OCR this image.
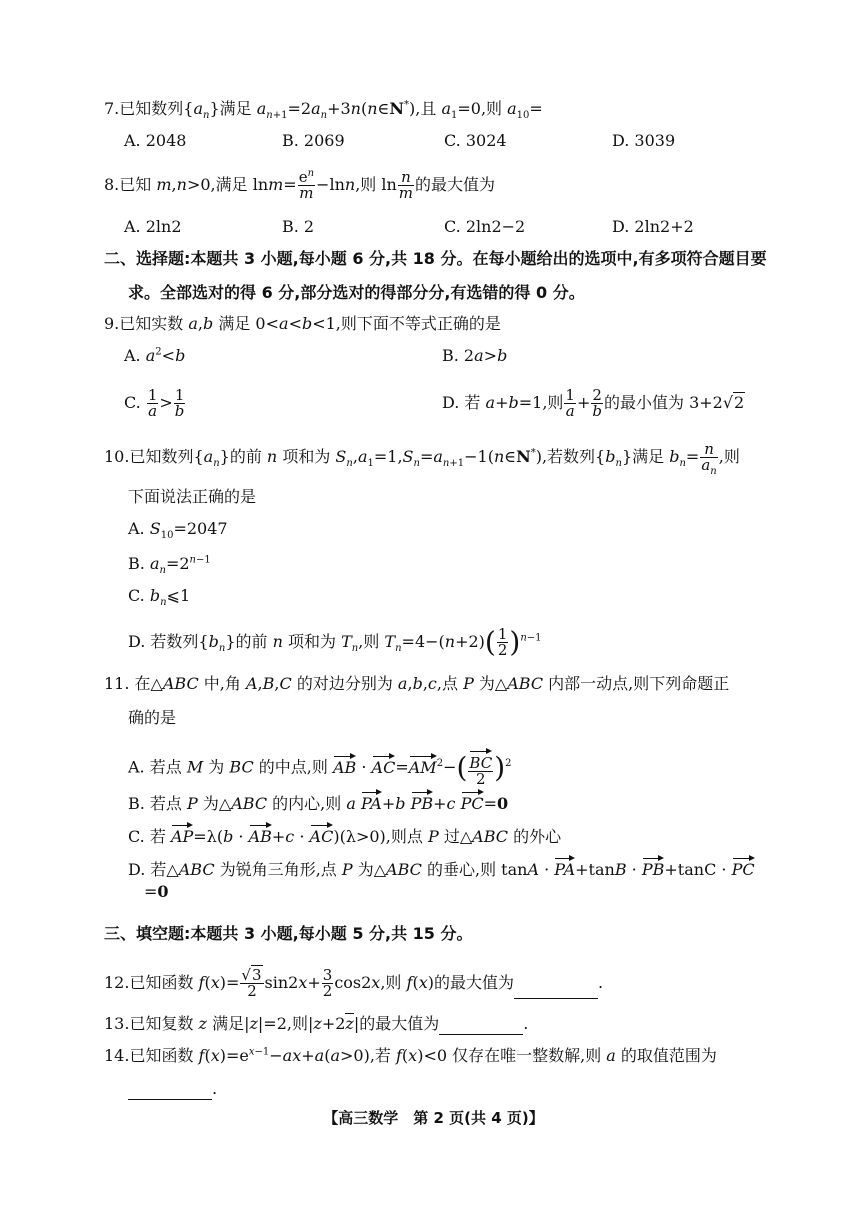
7.已知数列$\{a_n\}$满足 $a_{n+1}=2a_n+3n(n\in N^*)$,且 $a_1=0$,则 $a_{10}=$
A. 2048	B. 2069	C. 3024	D. 3039
8.已知 m,n>0,满足 $\ln m= \frac{e^n}{m} -\ln n$,则 $\ln \frac{n}{m}$ 的最大值为
A. 2ln2	B. 2	C. 2ln2−2	D. 2ln2+2
二、选择题:本题共 3 小题,每小题 6 分,共 18 分。在每小题给出的选项中,有多项符合题目要
求。全部选对的得 6 分,部分选对的得部分分,有选错的得 0 分。
9.已知实数 a,b 满足 0<a<b<1,则下面不等式正确的是
A. $a^2<b$	B. 2a>b
C. $\frac{1}{a} > \frac{1}{b}$	D. 若 a+b=1,则 $\frac{1}{a} + \frac{2}{b}$ 的最小值为 3+2√2
10.已知数列$\{a_n\}$的前 n 项和为 $S_n,a_1=1,S_n=a_{n+1}-1(n\in N^*)$,若数列$\{b_n\}$满足 $b_n= \frac{n}{a_n}$ ,则
下面说法正确的是
A. $S_{10}=2047$
B. $a_n=2^{n-1}$
C. $b_n⩽1$
D. 若数列$\{b_n\}$的前 n 项和为 $T_n$,则 $T_n=4-(n+2)( \frac{1}{2} )^{n-1}$
11. 在△ABC 中,角 A,B,C 的对边分别为 a,b,c,点 P 为△ABC 内部一动点,则下列命题正
确的是
A. 若点 M 为 BC 的中点,则 AB · $AC=AM^2-( \frac{BC}{2} )^2$
B. 若点 P 为△ABC 的内心,则 a PA+b PB+c PC=0
C. 若 AP=λ(b · AB+c · AC)(λ>0),则点 P 过△ABC 的外心
D. 若△ABC 为锐角三角形,点 P 为△ABC 的垂心,则 tanA · PA+tanB · PB+tanC · PC
=0
三、填空题:本题共 3 小题,每小题 5 分,共 15 分。
12.已知函数 $f(x)= \frac{√3}{2} \sin 2x+ \frac{3}{2} \cos 2x$,则 f(x)的最大值为	.
13.已知复数 z 满足|z|=2,则|z+2z|的最大值为	.
14.已知函数 $f(x)=e^{x-1}-ax+a(a>0)$,若 f(x)<0 仅存在唯一整数解,则 a 的取值范围为
.
【高三数学　第 2 页(共 4 页)】
